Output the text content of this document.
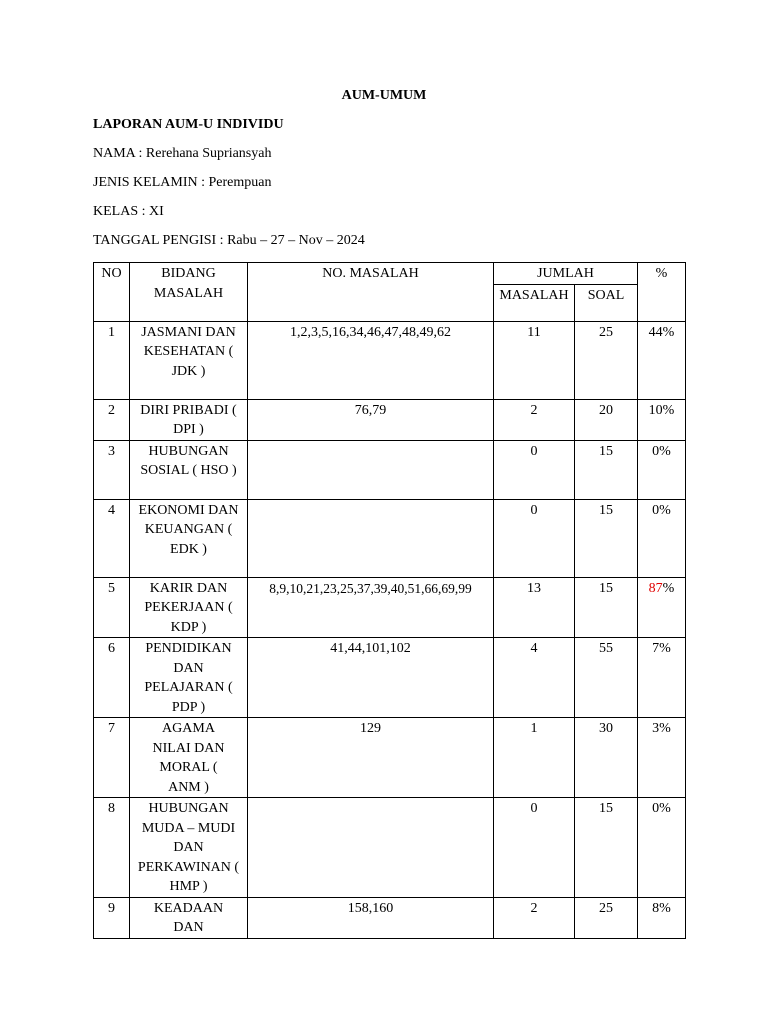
AUM-UMUM
LAPORAN AUM-U INDIVIDU
NAMA : Rerehana Supriansyah
JENIS KELAMIN : Perempuan
KELAS : XI
TANGGAL PENGISI : Rabu – 27 – Nov – 2024
NO	BIDANG MASALAH	NO. MASALAH	JUMLAH		%
			MASALAH	SOAL	
1	JASMANI DAN KESEHATAN ( JDK )	1,2,3,5,16,34,46,47,48,49,62	11	25	44%
2	DIRI PRIBADI ( DPI )	76,79	2	20	10%
3	HUBUNGAN SOSIAL ( HSO )		0	15	0%
4	EKONOMI DAN KEUANGAN ( EDK )		0	15	0%
5	KARIR DAN PEKERJAAN ( KDP )	8,9,10,21,23,25,37,39,40,51,66,69,99	13	15	87%
6	PENDIDIKAN DAN PELAJARAN ( PDP )	41,44,101,102	4	55	7%
7	AGAMA NILAI DAN MORAL ( ANM )	129	1	30	3%
8	HUBUNGAN MUDA – MUDI DAN PERKAWINAN ( HMP )		0	15	0%
9	KEADAAN DAN	158,160	2	25	8%
